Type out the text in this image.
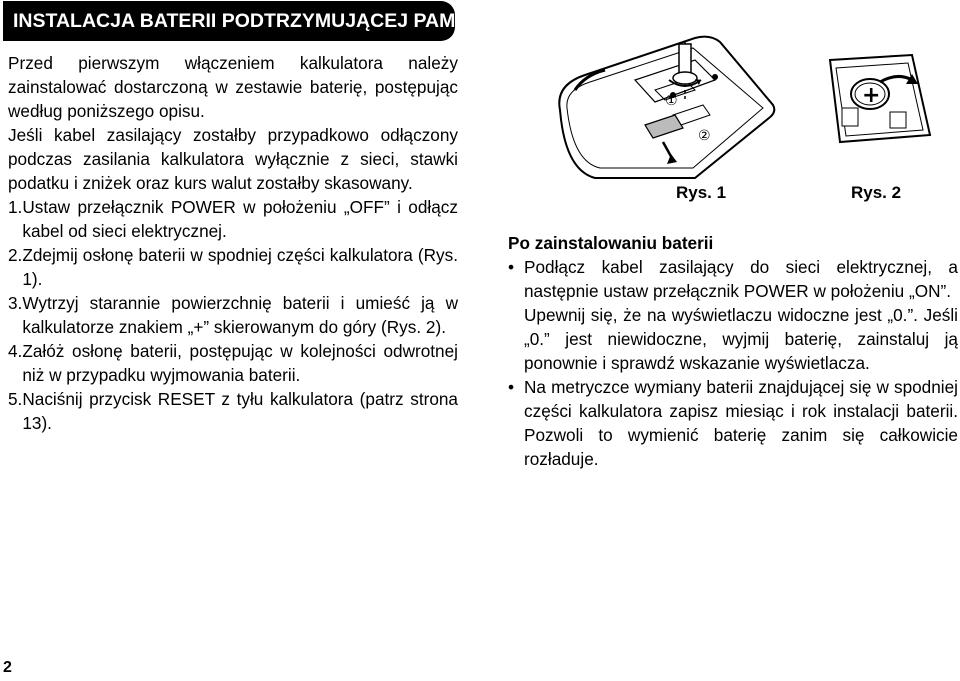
INSTALACJA BATERII PODTRZYMUJĄCEJ PAMIĘĆ

Przed pierwszym włączeniem kalkulatora należy zainstalować dostarczoną w zestawie baterię, postępując według poniższego opisu.

Jeśli kabel zasilający zostałby przypadkowo odłączony podczas zasilania kalkulatora wyłącznie z sieci, stawki podatku i zniżek oraz kurs walut zostałby skasowany.

1. Ustaw przełącznik POWER w położeniu „OFF” i odłącz kabel od sieci elektrycznej.

2. Zdejmij osłonę baterii w spodniej części kalkulatora (Rys. 1).

3. Wytrzyj starannie powierzchnię baterii i umieść ją w kalkulatorze znakiem „+” skierowanym do góry (Rys. 2).

4. Załóż osłonę baterii, postępując w kolejności odwrotnej niż w przypadku wyjmowania baterii.

5. Naciśnij przycisk RESET z tyłu kalkulatora (patrz strona 13).

①
②
+
Rys. 1	Rys. 2
Po zainstalowaniu baterii
• Podłącz kabel zasilający do sieci elektrycznej, a następnie ustaw przełącznik POWER w położeniu „ON”.

Upewnij się, że na wyświetlaczu widoczne jest „0.”. Jeśli „0.” jest niewidoczne, wyjmij baterię, zainstaluj ją ponownie i sprawdź wskazanie wyświetlacza.

• Na metryczce wymiany baterii znajdującej się w spodniej części kalkulatora zapisz miesiąc i rok instalacji baterii. Pozwoli to wymienić baterię zanim się całkowicie rozładuje.

2
